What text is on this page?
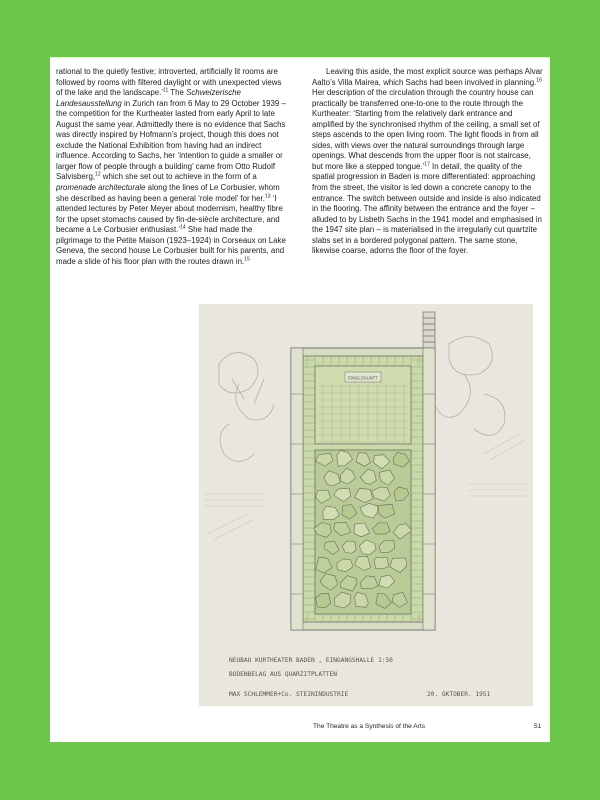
rational to the quietly festive; introverted, artificially lit rooms are followed by rooms with filtered daylight or with unexpected views of the lake and the landscape.’$^{11}$ The Schweizerische Landesausstellung in Zurich ran from 6 May to 29 October 1939 – the competition for the Kurtheater lasted from early April to late August the same year. Admittedly there is no evidence that Sachs was directly inspired by Hofmann’s project, though this does not exclude the National Exhibition from having had an indirect influence. According to Sachs, her ‘intention to guide a smaller or larger flow of people through a building’ came from Otto Rudolf Salvisberg,$^{12}$ which she set out to achieve in the form of a promenade architecturale along the lines of Le Corbusier, whom she described as having been a general ‘role model’ for her.$^{13}$ ‘I attended lectures by Peter Meyer about modernism, healthy fibre for the upset stomachs caused by fin-de-siècle architecture, and became a Le Corbusier enthusiast.’$^{14}$ She had made the pilgrimage to the Petite Maison (1923–1924) in Corseaux on Lake Geneva, the second house Le Corbusier built for his parents, and made a slide of his floor plan with the routes drawn in.$^{15}$

Leaving this aside, the most explicit source was perhaps Alvar Aalto’s Villa Mairea, which Sachs had been involved in planning.$^{16}$ Her description of the circulation through the country house can practically be transferred one-to-one to the route through the Kurtheater: ‘Starting from the relatively dark entrance and amplified by the synchronised rhythm of the ceiling, a small set of steps ascends to the open living room. The light floods in from all sides, with views over the natural surroundings through large openings. What descends from the upper floor is not staircase, but more like a stepped tongue.’$^{17}$ In detail, the quality of the spatial progression in Baden is more differentiated: approaching from the street, the visitor is led down a concrete canopy to the entrance. The switch between outside and inside is also indicated in the flooring. The affinity between the entrance and the foyer – alluded to by Lisbeth Sachs in the 1941 model and emphasised in the 1947 site plan – is materialised in the irregularly cut quartzite slabs set in a bordered polygonal pattern. The same stone, likewise coarse, adorns the floor of the foyer.

EINGLOSUNTT
NEUBAU KURTHEATER BADEN , EINGANGSHALLE 1:50
BODENBELAG AUS QUARZITPLATTEN
MAX SCHLEMMER+Co. STEININDUSTRIE	20. OKTOBER. 1951
The Theatre as a Synthesis of the Arts	51
